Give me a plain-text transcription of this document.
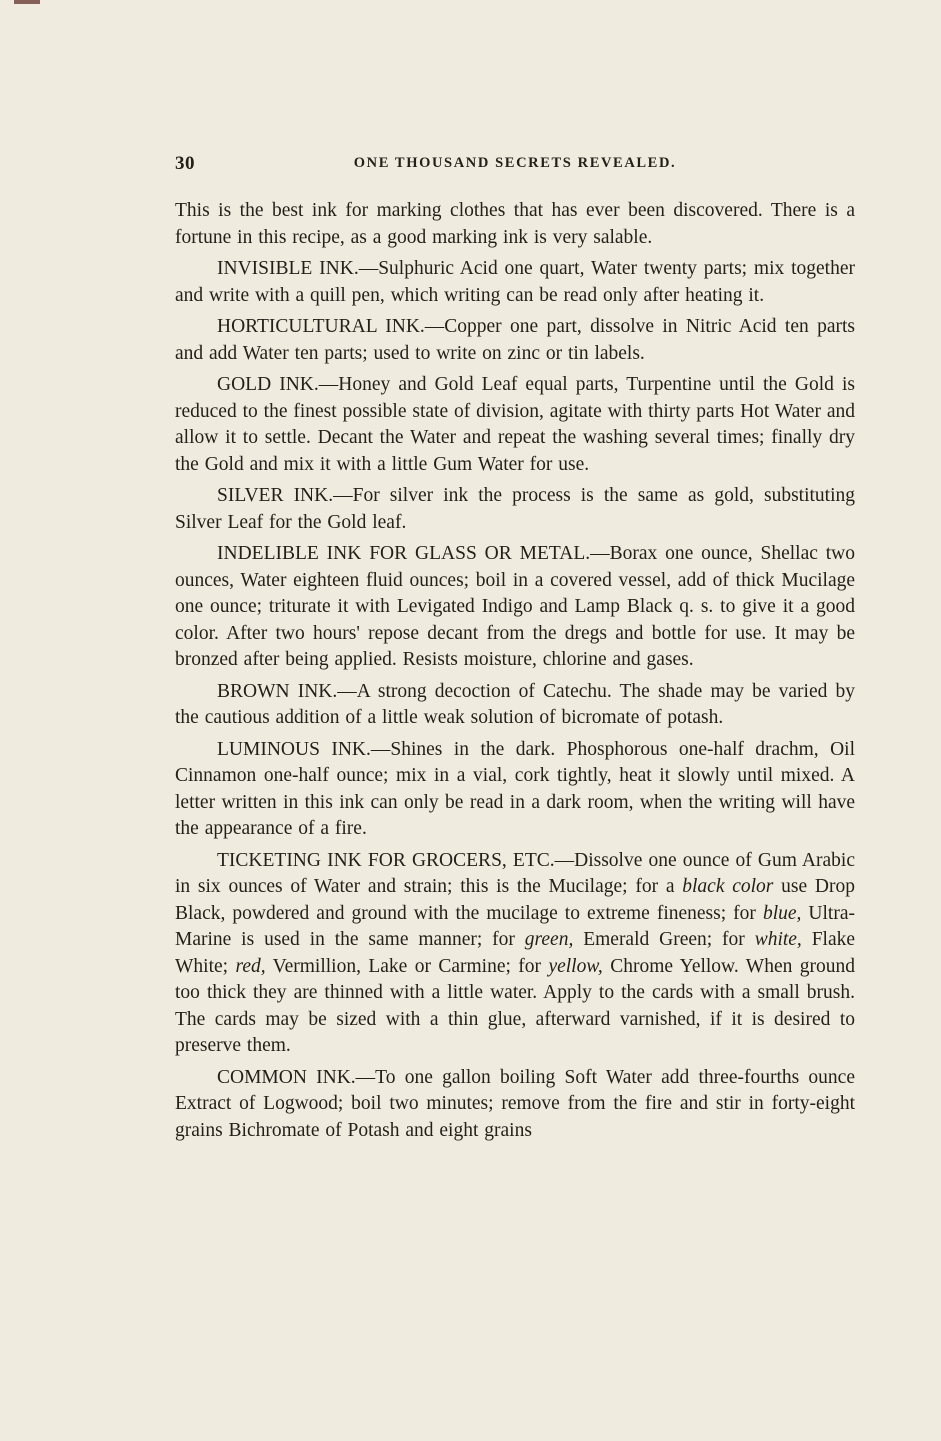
30	ONE THOUSAND SECRETS REVEALED.

This is the best ink for marking clothes that has ever been discovered. There is a fortune in this recipe, as a good marking ink is very salable.

INVISIBLE INK.—Sulphuric Acid one quart, Water twenty parts; mix together and write with a quill pen, which writing can be read only after heating it.

HORTICULTURAL INK.—Copper one part, dissolve in Nitric Acid ten parts and add Water ten parts; used to write on zinc or tin labels.

GOLD INK.—Honey and Gold Leaf equal parts, Turpentine until the Gold is reduced to the finest possible state of division, agitate with thirty parts Hot Water and allow it to settle. Decant the Water and repeat the washing several times; finally dry the Gold and mix it with a little Gum Water for use.

SILVER INK.—For silver ink the process is the same as gold, substituting Silver Leaf for the Gold leaf.

INDELIBLE INK FOR GLASS OR METAL.—Borax one ounce, Shellac two ounces, Water eighteen fluid ounces; boil in a covered vessel, add of thick Mucilage one ounce; triturate it with Levigated Indigo and Lamp Black q. s. to give it a good color. After two hours' repose decant from the dregs and bottle for use. It may be bronzed after being applied. Resists moisture, chlorine and gases.

BROWN INK.—A strong decoction of Catechu. The shade may be varied by the cautious addition of a little weak solution of bicromate of potash.

LUMINOUS INK.—Shines in the dark. Phosphorous one-half drachm, Oil Cinnamon one-half ounce; mix in a vial, cork tightly, heat it slowly until mixed. A letter written in this ink can only be read in a dark room, when the writing will have the appearance of a fire.

TICKETING INK FOR GROCERS, ETC.—Dissolve one ounce of Gum Arabic in six ounces of Water and strain; this is the Mucilage; for a black color use Drop Black, powdered and ground with the mucilage to extreme fineness; for blue, Ultra-Marine is used in the same manner; for green, Emerald Green; for white, Flake White; red, Vermillion, Lake or Carmine; for yellow, Chrome Yellow. When ground too thick they are thinned with a little water. Apply to the cards with a small brush. The cards may be sized with a thin glue, afterward varnished, if it is desired to preserve them.

COMMON INK.—To one gallon boiling Soft Water add three-fourths ounce Extract of Logwood; boil two minutes; remove from the fire and stir in forty-eight grains Bichromate of Potash and eight grains
